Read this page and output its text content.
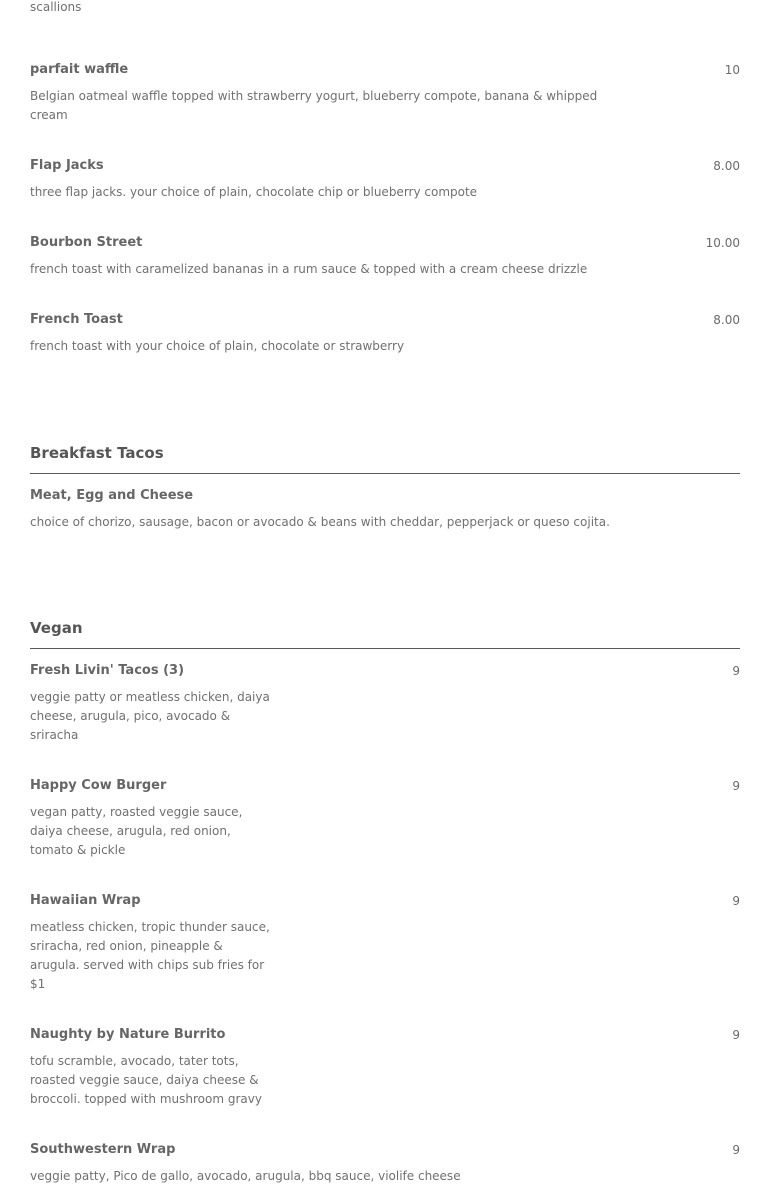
scallions

parfait waffle	10

Belgian oatmeal waffle topped with strawberry yogurt, blueberry compote, banana & whipped cream

Flap Jacks	8.00

three flap jacks. your choice of plain, chocolate chip or blueberry compote

Bourbon Street	10.00

french toast with caramelized bananas in a rum sauce & topped with a cream cheese drizzle

French Toast	8.00

french toast with your choice of plain, chocolate or strawberry

Breakfast Tacos

Meat, Egg and Cheese

choice of chorizo, sausage, bacon or avocado & beans with cheddar, pepperjack or queso cojita.

Vegan

Fresh Livin' Tacos (3)	9

veggie patty or meatless chicken, daiya cheese, arugula, pico, avocado & sriracha

Happy Cow Burger	9

vegan patty, roasted veggie sauce, daiya cheese, arugula, red onion, tomato & pickle

Hawaiian Wrap	9

meatless chicken, tropic thunder sauce, sriracha, red onion, pineapple & arugula. served with chips sub fries for $1

Naughty by Nature Burrito	9

tofu scramble, avocado, tater tots, roasted veggie sauce, daiya cheese & broccoli. topped with mushroom gravy

Southwestern Wrap	9

veggie patty, Pico de gallo, avocado, arugula, bbq sauce, violife cheese
